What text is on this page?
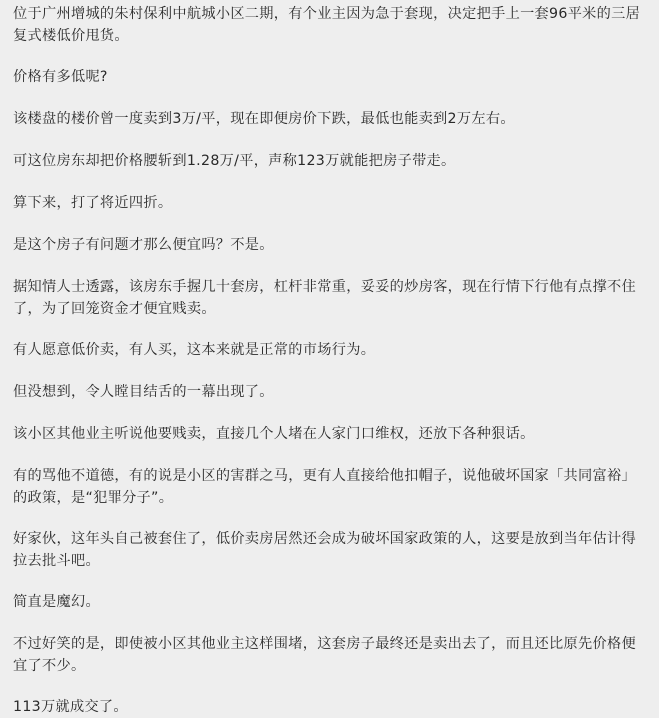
位于广州增城的朱村保利中航城小区二期，有个业主因为急于套现，决定把手上一套96平米的三居复式楼低价甩货。

价格有多低呢?

该楼盘的楼价曾一度卖到3万/平，现在即便房价下跌，最低也能卖到2万左右。

可这位房东却把价格腰斩到1.28万/平，声称123万就能把房子带走。

算下来，打了将近四折。

是这个房子有问题才那么便宜吗？不是。

据知情人士透露，该房东手握几十套房，杠杆非常重，妥妥的炒房客，现在行情下行他有点撑不住了，为了回笼资金才便宜贱卖。

有人愿意低价卖，有人买，这本来就是正常的市场行为。

但没想到，令人瞠目结舌的一幕出现了。

该小区其他业主听说他要贱卖，直接几个人堵在人家门口维权，还放下各种狠话。

有的骂他不道德，有的说是小区的害群之马，更有人直接给他扣帽子，说他破坏国家「共同富裕」的政策，是“犯罪分子”。

好家伙，这年头自己被套住了，低价卖房居然还会成为破坏国家政策的人，这要是放到当年估计得拉去批斗吧。

简直是魔幻。

不过好笑的是，即使被小区其他业主这样围堵，这套房子最终还是卖出去了，而且还比原先价格便宜了不少。

113万就成交了。
